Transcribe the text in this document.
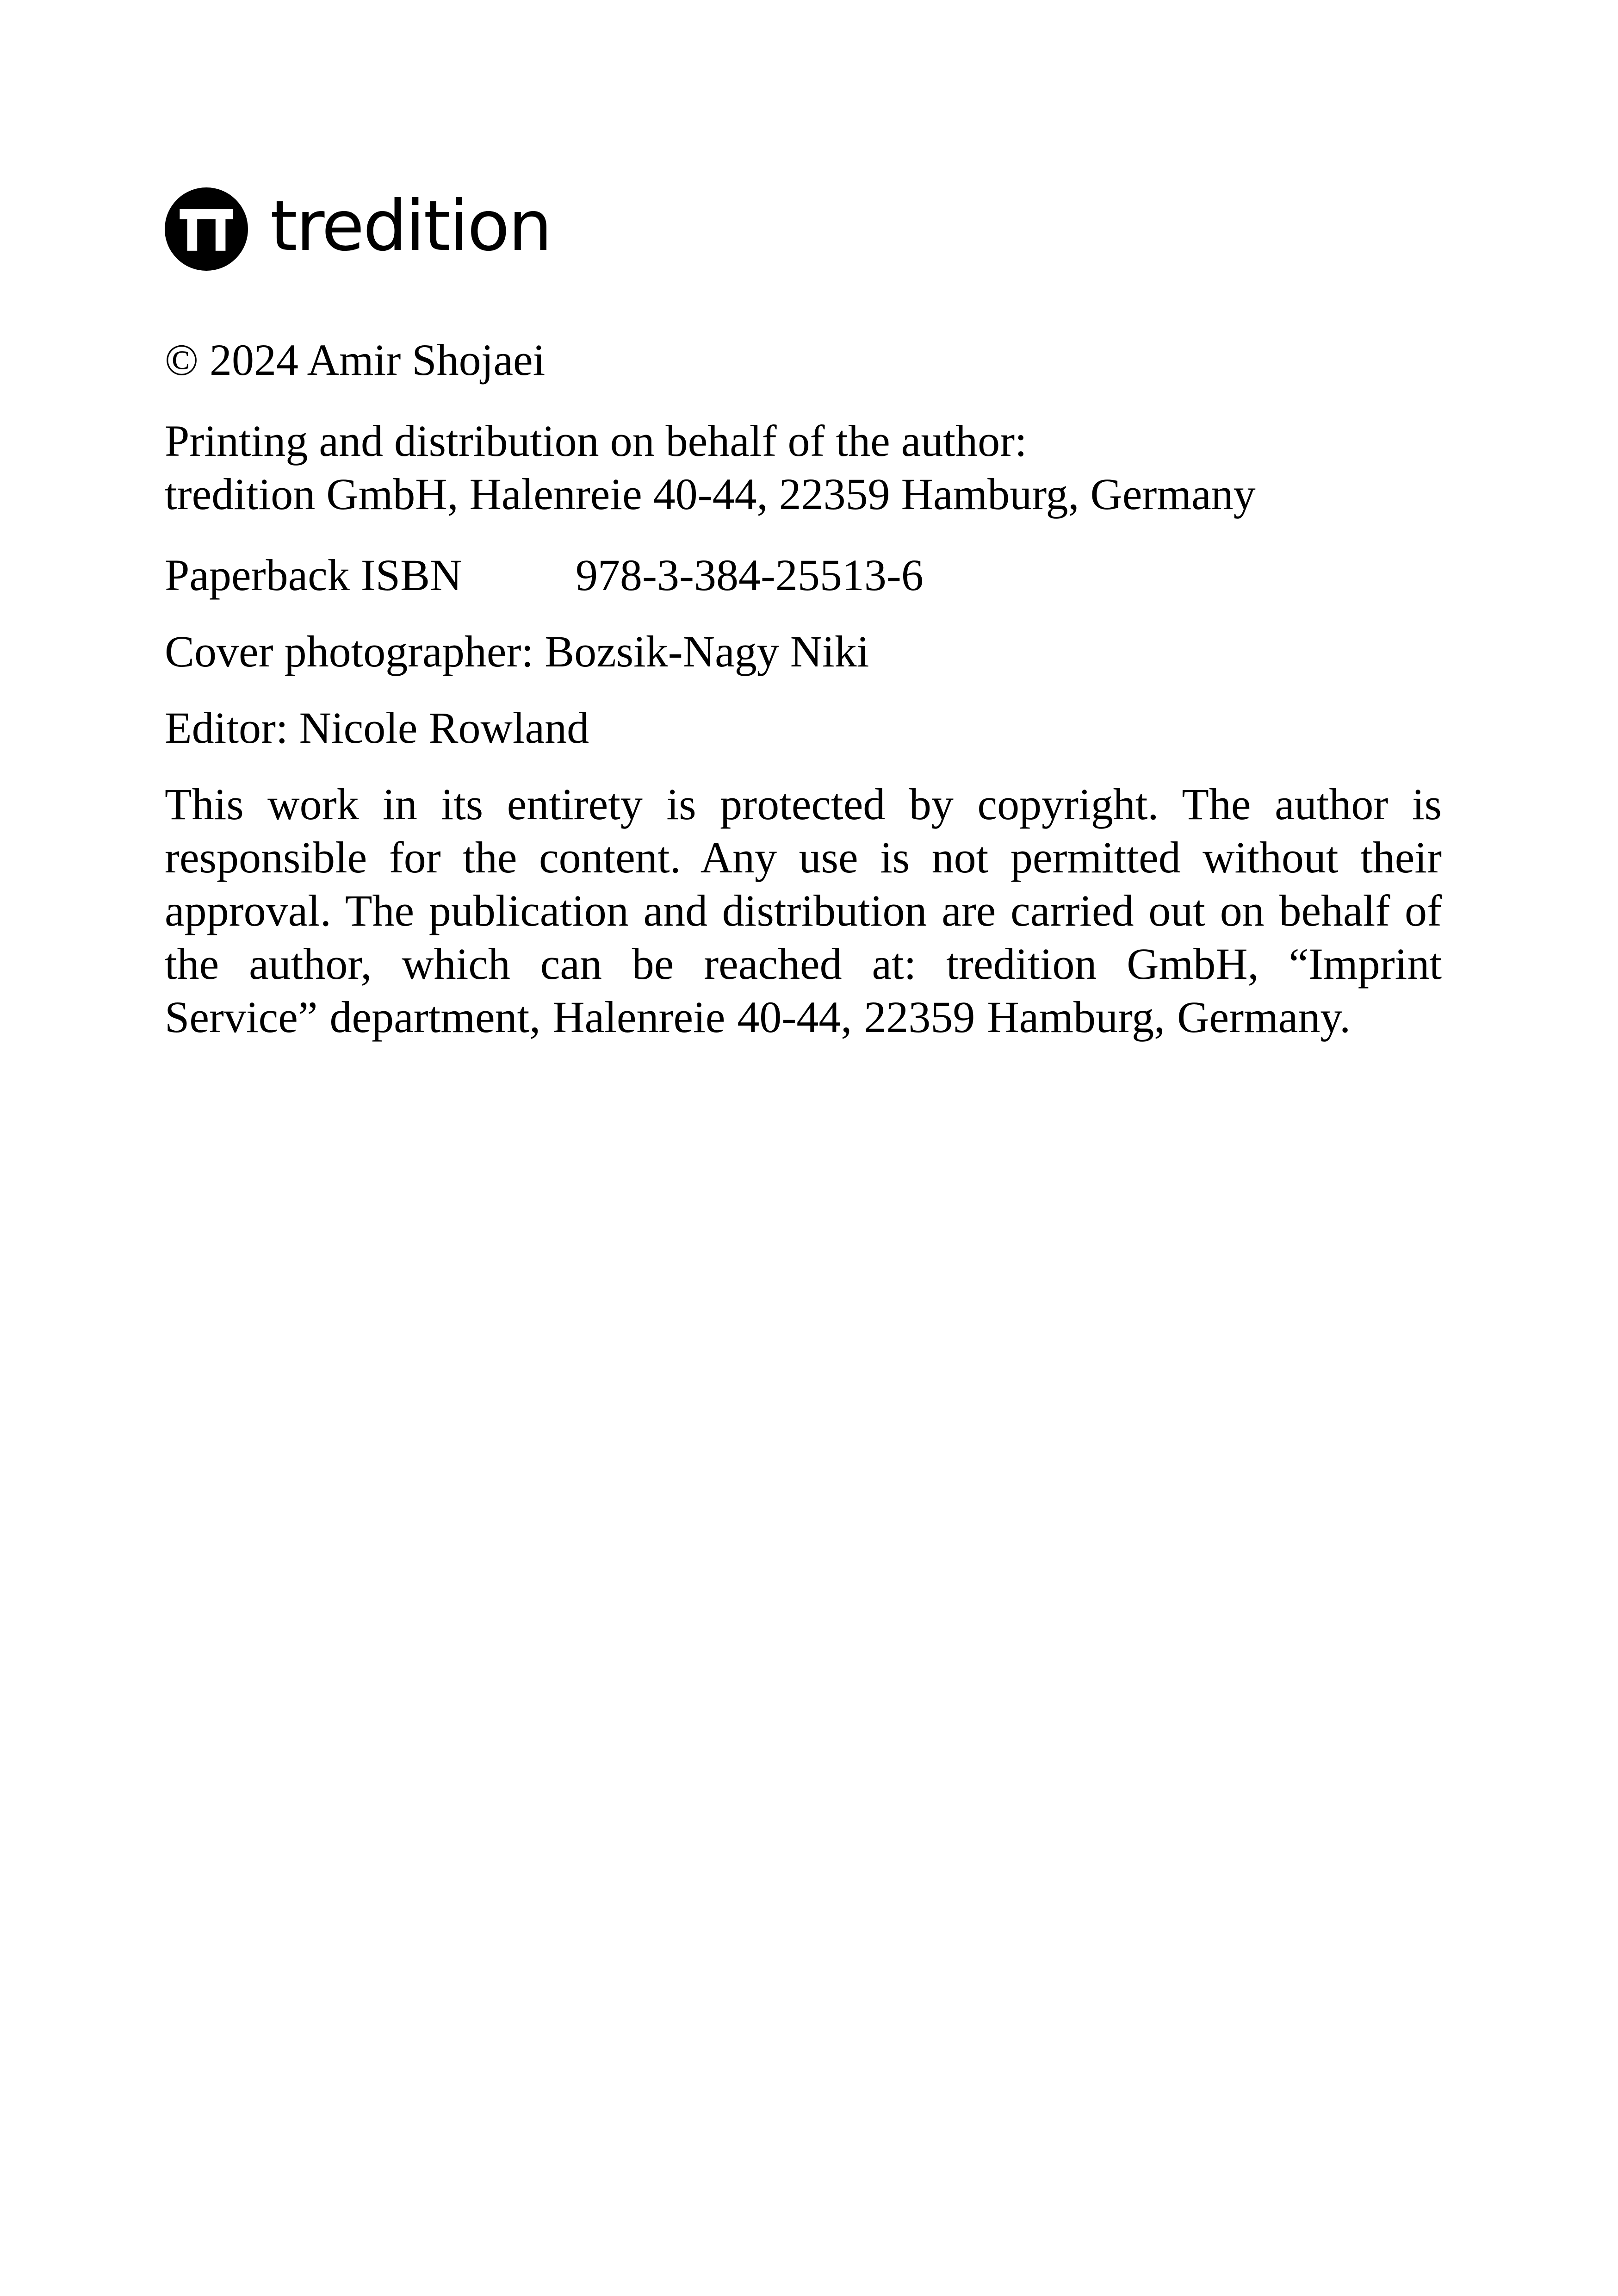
tredition

© 2024 Amir Shojaei

Printing and distribution on behalf of the author:

tredition GmbH, Halenreie 40-44, 22359 Hamburg, Germany

Paperback ISBN	978-3-384-25513-6

Cover photographer: Bozsik-Nagy Niki

Editor: Nicole Rowland

This work in its entirety is protected by copyright. The author is responsible for the content. Any use is not permitted without their approval. The publication and distribution are carried out on behalf of the author, which can be reached at: tredition GmbH, “Imprint Service” department, Halenreie 40-44, 22359 Hamburg, Germany.
